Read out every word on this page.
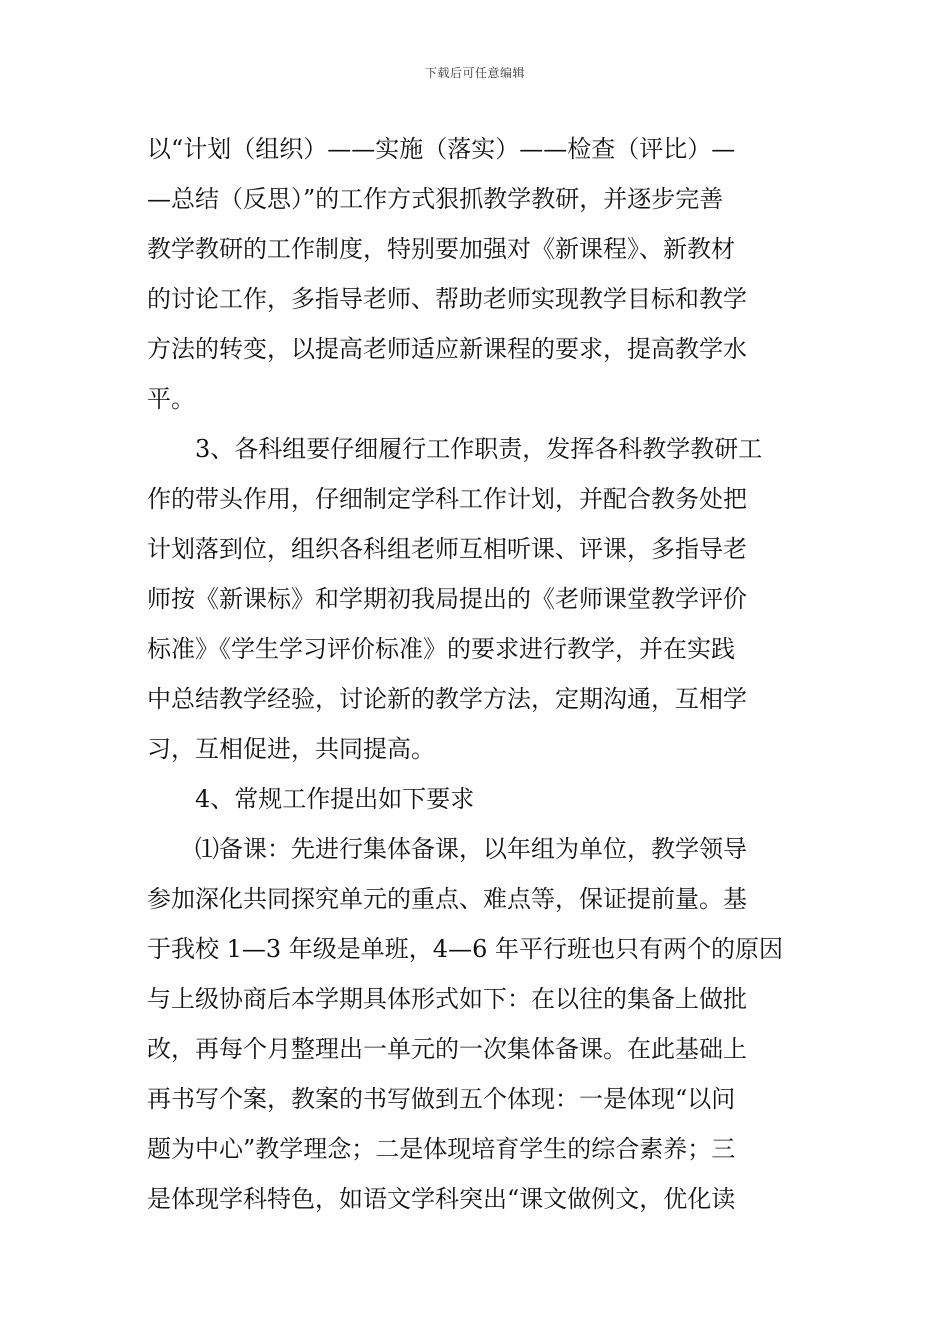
下载后可任意编辑
以“计划（组织）——实施（落实）——检查（评比）—
—总结（反思）”的工作方式狠抓教学教研，并逐步完善
教学教研的工作制度，特别要加强对《新课程》、新教材
的讨论工作，多指导老师、帮助老师实现教学目标和教学
方法的转变，以提高老师适应新课程的要求，提高教学水
平。
　　3、各科组要仔细履行工作职责，发挥各科教学教研工
作的带头作用，仔细制定学科工作计划，并配合教务处把
计划落到位，组织各科组老师互相听课、评课，多指导老
师按《新课标》和学期初我局提出的《老师课堂教学评价
标准》《学生学习评价标准》的要求进行教学，并在实践
中总结教学经验，讨论新的教学方法，定期沟通，互相学
习，互相促进，共同提高。
　　4、常规工作提出如下要求
　　⑴备课：先进行集体备课，以年组为单位，教学领导
参加深化共同探究单元的重点、难点等，保证提前量。基
于我校 1—3 年级是单班，4—6 年平行班也只有两个的原因
与上级协商后本学期具体形式如下：在以往的集备上做批
改，再每个月整理出一单元的一次集体备课。在此基础上
再书写个案，教案的书写做到五个体现：一是体现“以问
题为中心”教学理念；二是体现培育学生的综合素养；三
是体现学科特色，如语文学科突出“课文做例文，优化读
